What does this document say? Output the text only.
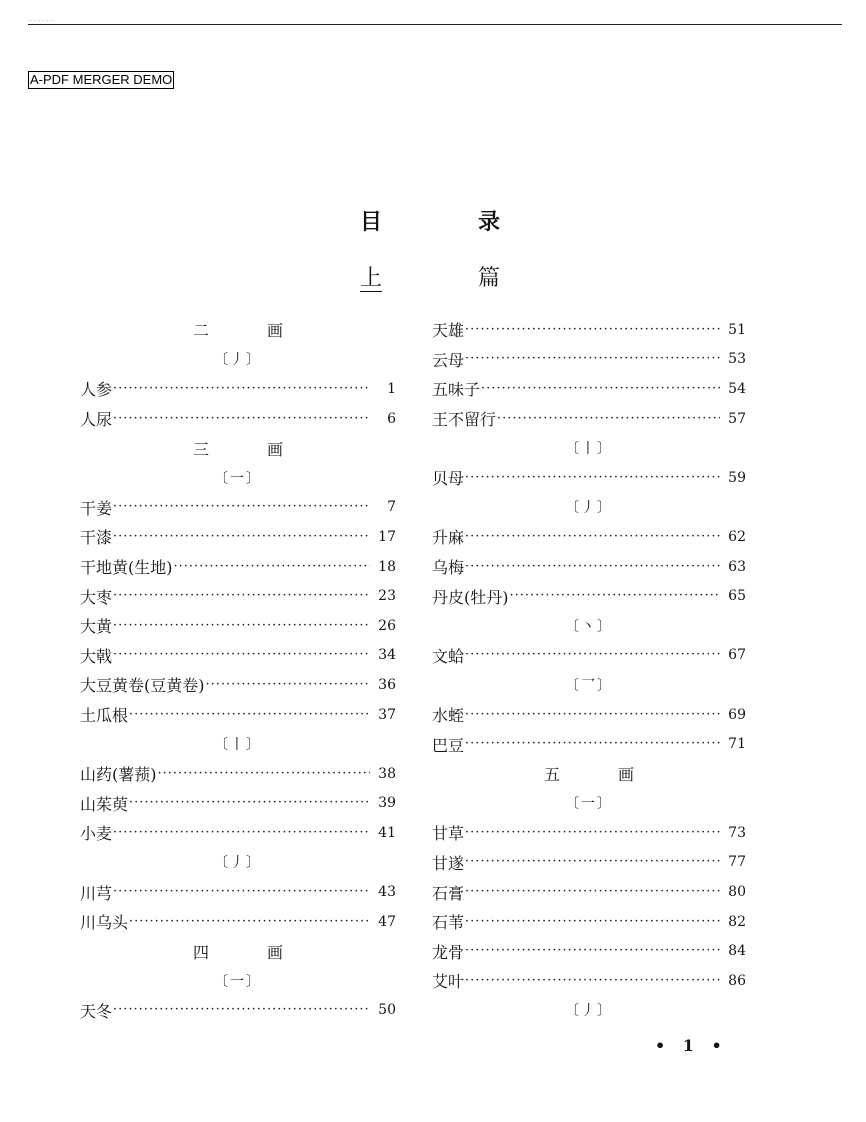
..........
A-PDF MERGER DEMO
目	录
上	篇
二	画
〔丿〕
人参 ·····	1
人尿 ·····	6
三	画
〔一〕
干姜 ·····	7
干漆 ·····	17
干地黄(生地) ·····	18
大枣 ·····	23
大黄 ·····	26
大戟 ·····	34
大豆黄卷(豆黄卷) ·····	36
土瓜根 ·····	37
〔丨〕
山药(薯蓣) ·····	38
山茱萸 ·····	39
小麦 ·····	41
〔丿〕
川芎 ·····	43
川乌头 ·····	47
四	画
〔一〕
天冬 ·····	50
天雄 ·····	51
云母 ·····	53
五味子 ·····	54
王不留行 ·····	57
〔丨〕
贝母 ·····	59
〔丿〕
升麻 ·····	62
乌梅 ·····	63
丹皮(牡丹) ·····	65
〔丶〕
文蛤 ·····	67
〔乛〕
水蛭 ·····	69
巴豆 ·····	71
五	画
〔一〕
甘草 ·····	73
甘遂 ·····	77
石膏 ·····	80
石苇 ·····	82
龙骨 ·····	84
艾叶 ·····	86
〔丿〕
• 1 •
